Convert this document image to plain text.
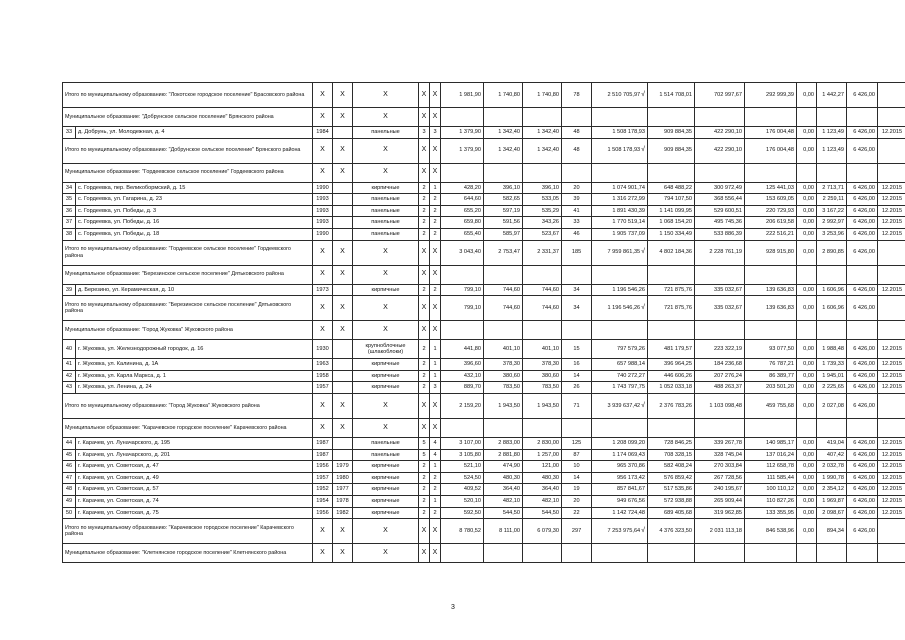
Итого по муниципальному образованию: "Локотское городское поселение" Брасовского района		X	X	X	X	X	1 981,90	1 740,80	1 740,80	78	2 510 705,97√	1 514 708,01	702 997,67	292 999,39	0,00	1 442,27	6 426,00	
Муниципальное образование: "Добрунское сельское поселение" Брянского района		X	X	X	X	X												
33	д. Добрунь, ул. Молодежная, д. 4	1984		панельные	3	3	1 379,90	1 342,40	1 342,40	48	1 508 178,93	909 884,35	422 290,10	176 004,48	0,00	1 123,49	6 426,00	12.2015
Итого по муниципальному образованию: "Добрунское сельское поселение" Брянского района		X	X	X	X	X	1 379,90	1 342,40	1 342,40	48	1 508 178,93√	909 884,35	422 290,10	176 004,48	0,00	1 123,49	6 426,00	
Муниципальное образование: "Гордеевское сельское поселение" Гордеевского района		X	X	X	X	X												
34	с. Гордеевка, пер. Великобормский, д. 15	1990		кирпичные	2	1	428,20	396,10	396,10	20	1 074 901,74	648 488,22	300 972,49	125 441,03	0,00	2 713,71	6 426,00	12.2015
35	с. Гордеевка, ул. Гагарина, д. 23	1993		панельные	2	2	644,60	582,65	533,05	39	1 316 272,99	794 107,50	368 556,44	153 609,05	0,00	2 259,11	6 426,00	12.2015
36	с. Гордеевка, ул. Победы, д. 3	1993		панельные	2	2	655,20	597,19	535,29	41	1 891 430,39	1 141 099,95	529 600,51	220 729,93	0,00	3 167,22	6 426,00	12.2015
37	с. Гордеевка, ул. Победы, д. 16	1993		панельные	2	2	659,80	591,56	343,26	33	1 770 519,14	1 068 154,20	495 745,36	206 619,58	0,00	2 992,97	6 426,00	12.2015
38	с. Гордеевка, ул. Победы, д. 18	1990		панельные	2	2	655,40	585,97	523,67	46	1 905 737,09	1 150 334,49	533 886,39	222 516,21	0,00	3 253,96	6 426,00	12.2015
Итого по муниципальному образованию: "Гордеевское сельское поселение" Гордеевского района		X	X	X	X	X	3 043,40	2 753,47	2 331,37	185	7 959 861,35√	4 802 184,36	2 228 761,19	928 915,80	0,00	2 890,85	6 426,00	
Муниципальное образование: "Березинское сельское поселение" Дятьковского района		X	X	X	X	X												
39	д. Березино, ул. Керамическая, д. 10	1973		кирпичные	2	2	799,10	744,60	744,60	34	1 196 546,26	721 875,76	335 032,67	139 636,83	0,00	1 606,96	6 426,00	12.2015
Итого по муниципальному образованию: "Березинское сельское поселение" Дятьковского района		X	X	X	X	X	799,10	744,60	744,60	34	1 196 546,26√	721 875,76	335 032,67	139 636,83	0,00	1 606,96	6 426,00	
Муниципальное образование: "Город Жуковка" Жуковского района		X	X	X	X	X												
40	г. Жуковка, ул. Железнодорожный городок, д. 16	1930		крупноблочные (шлакоблоки)	2	1	441,80	401,10	401,10	15	797 579,26	481 179,57	223 322,19	93 077,50	0,00	1 988,48	6 426,00	12.2015
41	г. Жуковка, ул. Калинина, д. 1А	1963		кирпичные	2	1	396,60	378,30	378,30	16	657 988,14	396 964,25	184 236,68	76 787,21	0,00	1 739,33	6 426,00	12.2015
42	г. Жуковка, ул. Карла Маркса, д. 1	1958		кирпичные	2	1	432,10	380,60	380,60	14	740 272,27	446 606,26	207 276,24	86 389,77	0,00	1 945,01	6 426,00	12.2015
43	г. Жуковка, ул. Ленина, д. 24	1957		кирпичные	2	3	889,70	783,50	783,50	26	1 743 797,75	1 052 033,18	488 263,37	203 501,20	0,00	2 225,65	6 426,00	12.2015
Итого по муниципальному образованию: "Город Жуковка" Жуковского района		X	X	X	X	X	2 159,20	1 943,50	1 943,50	71	3 939 637,42√	2 376 783,26	1 103 098,48	459 755,68	0,00	2 027,08	6 426,00	
Муниципальное образование: "Карачевское городское поселение" Карачевского района		X	X	X	X	X												
44	г. Карачев, ул. Луначарского, д. 195	1987		панельные	5	4	3 107,00	2 883,00	2 830,00	125	1 208 099,20	728 846,25	339 267,78	140 985,17	0,00	419,04	6 426,00	12.2015
45	г. Карачев, ул. Луначарского, д. 201	1987		панельные	5	4	3 105,80	2 881,80	1 257,00	87	1 174 069,43	708 328,15	328 745,04	137 016,24	0,00	407,42	6 426,00	12.2015
46	г. Карачев, ул. Советская, д. 47	1956	1979	кирпичные	2	1	521,10	474,90	121,00	10	965 370,86	582 408,24	270 303,84	112 658,78	0,00	2 032,78	6 426,00	12.2015
47	г. Карачев, ул. Советская, д. 49	1957	1980	кирпичные	2	2	524,50	480,30	480,30	14	956 173,42	576 859,42	267 728,56	111 585,44	0,00	1 990,78	6 426,00	12.2015
48	г. Карачев, ул. Советская, д. 57	1952	1977	кирпичные	2	2	409,52	364,40	364,40	19	857 841,67	517 535,86	240 195,67	100 110,12	0,00	2 354,12	6 426,00	12.2015
49	г. Карачев, ул. Советская, д. 74	1954	1978	кирпичные	2	1	520,10	482,10	482,10	20	949 676,56	572 938,88	265 909,44	110 827,26	0,00	1 969,87	6 426,00	12.2015
50	г. Карачев, ул. Советская, д. 75	1956	1982	кирпичные	2	2	592,50	544,50	544,50	22	1 142 724,48	689 405,68	319 962,85	133 355,95	0,00	2 098,67	6 426,00	12.2015
Итого по муниципальному образованию: "Карачевское городское поселение" Карачевского района		X	X	X	X	X	8 780,52	8 111,00	6 079,30	297	7 253 975,64√	4 376 323,50	2 031 113,18	846 538,96	0,00	894,34	6 426,00	
Муниципальное образование: "Клетнянское городское поселение" Клетнянского района		X	X	X	X	X												
3
